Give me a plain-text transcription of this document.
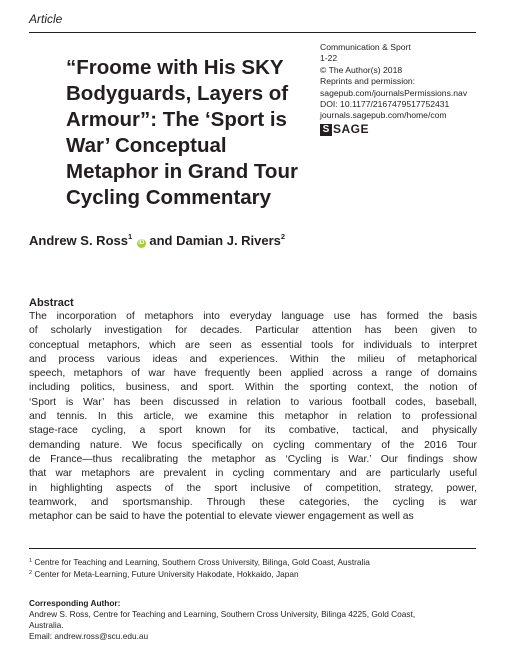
Article
“Froome with His SKY Bodyguards, Layers of Armour”: The ‘Sport is War’ Conceptual Metaphor in Grand Tour Cycling Commentary
Communication & Sport
1-22
© The Author(s) 2018
Reprints and permission:
sagepub.com/journalsPermissions.nav
DOI: 10.1177/2167479517752431
journals.sagepub.com/home/com
S SAGE
Andrew S. Ross$^1$ iD and Damian J. Rivers$^2$
Abstract
The incorporation of metaphors into everyday language use has formed the basis
of scholarly investigation for decades. Particular attention has been given to
conceptual metaphors, which are seen as essential tools for individuals to interpret
and process various ideas and experiences. Within the milieu of metaphorical
speech, metaphors of war have frequently been applied across a range of domains
including politics, business, and sport. Within the sporting context, the notion of
‘Sport is War’ has been discussed in relation to various football codes, baseball,
and tennis. In this article, we examine this metaphor in relation to professional
stage-race cycling, a sport known for its combative, tactical, and physically
demanding nature. We focus specifically on cycling commentary of the 2016 Tour
de France—thus recalibrating the metaphor as ‘Cycling is War.’ Our findings show
that war metaphors are prevalent in cycling commentary and are particularly useful
in highlighting aspects of the sport inclusive of competition, strategy, power,
teamwork, and sportsmanship. Through these categories, the cycling is war
metaphor can be said to have the potential to elevate viewer engagement as well as
$^1$ Centre for Teaching and Learning, Southern Cross University, Bilinga, Gold Coast, Australia
$^2$ Center for Meta-Learning, Future University Hakodate, Hokkaido, Japan
Corresponding Author:
Andrew S. Ross, Centre for Teaching and Learning, Southern Cross University, Bilinga 4225, Gold Coast,
Australia.
Email: andrew.ross@scu.edu.au
